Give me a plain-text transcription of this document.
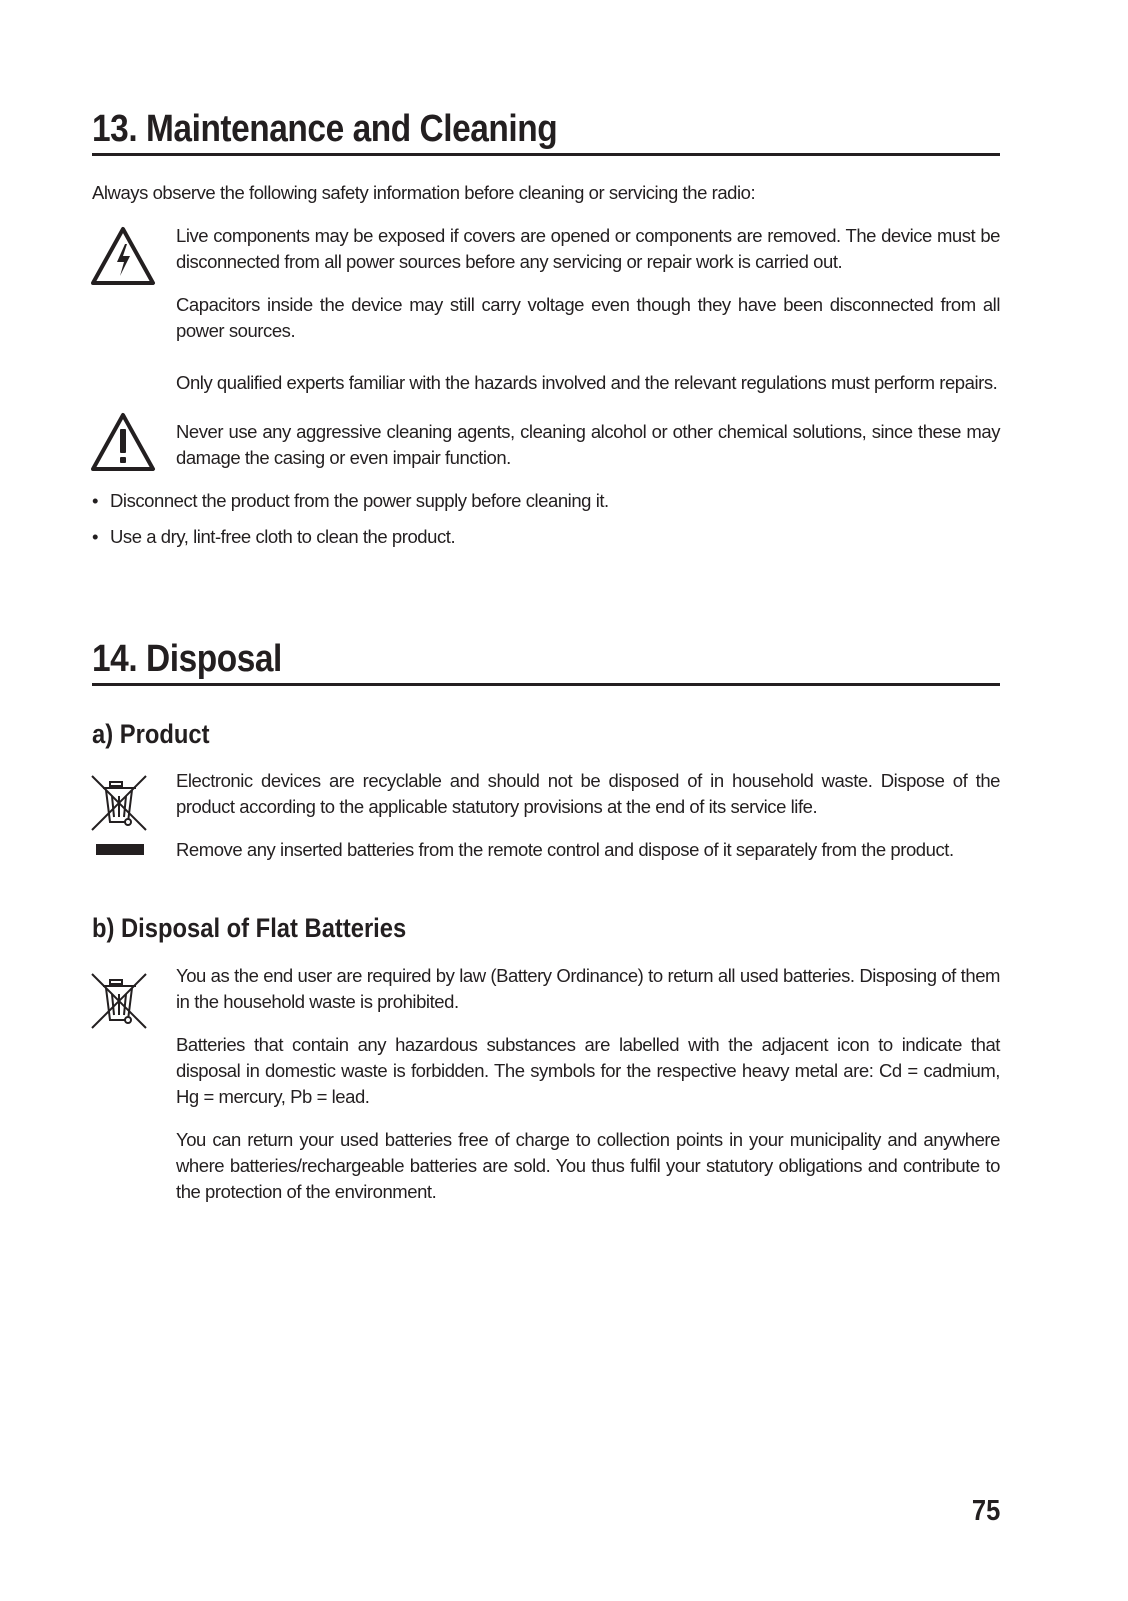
13. Maintenance and Cleaning
Always observe the following safety information before cleaning or servicing the radio:
Live components may be exposed if covers are opened or components are removed. The device must be disconnected from all power sources before any servicing or repair work is carried out.
Capacitors inside the device may still carry voltage even though they have been disconnected from all power sources.
Only qualified experts familiar with the hazards involved and the relevant regulations must perform repairs.
Never use any aggressive cleaning agents, cleaning alcohol or other chemical solutions, since these may damage the casing or even impair function.
• Disconnect the product from the power supply before cleaning it.
• Use a dry, lint-free cloth to clean the product.
14. Disposal
a) Product
Electronic devices are recyclable and should not be disposed of in household waste. Dispose of the product according to the applicable statutory provisions at the end of its service life.
Remove any inserted batteries from the remote control and dispose of it separately from the product.
b) Disposal of Flat Batteries
You as the end user are required by law (Battery Ordinance) to return all used batteries. Disposing of them in the household waste is prohibited.
Batteries that contain any hazardous substances are labelled with the adjacent icon to indicate that disposal in domestic waste is forbidden. The symbols for the respective heavy metal are: Cd = cadmium, Hg = mercury, Pb = lead.
You can return your used batteries free of charge to collection points in your municipality and anywhere where batteries/rechargeable batteries are sold. You thus fulfil your statutory obligations and contribute to the protection of the environment.
75
